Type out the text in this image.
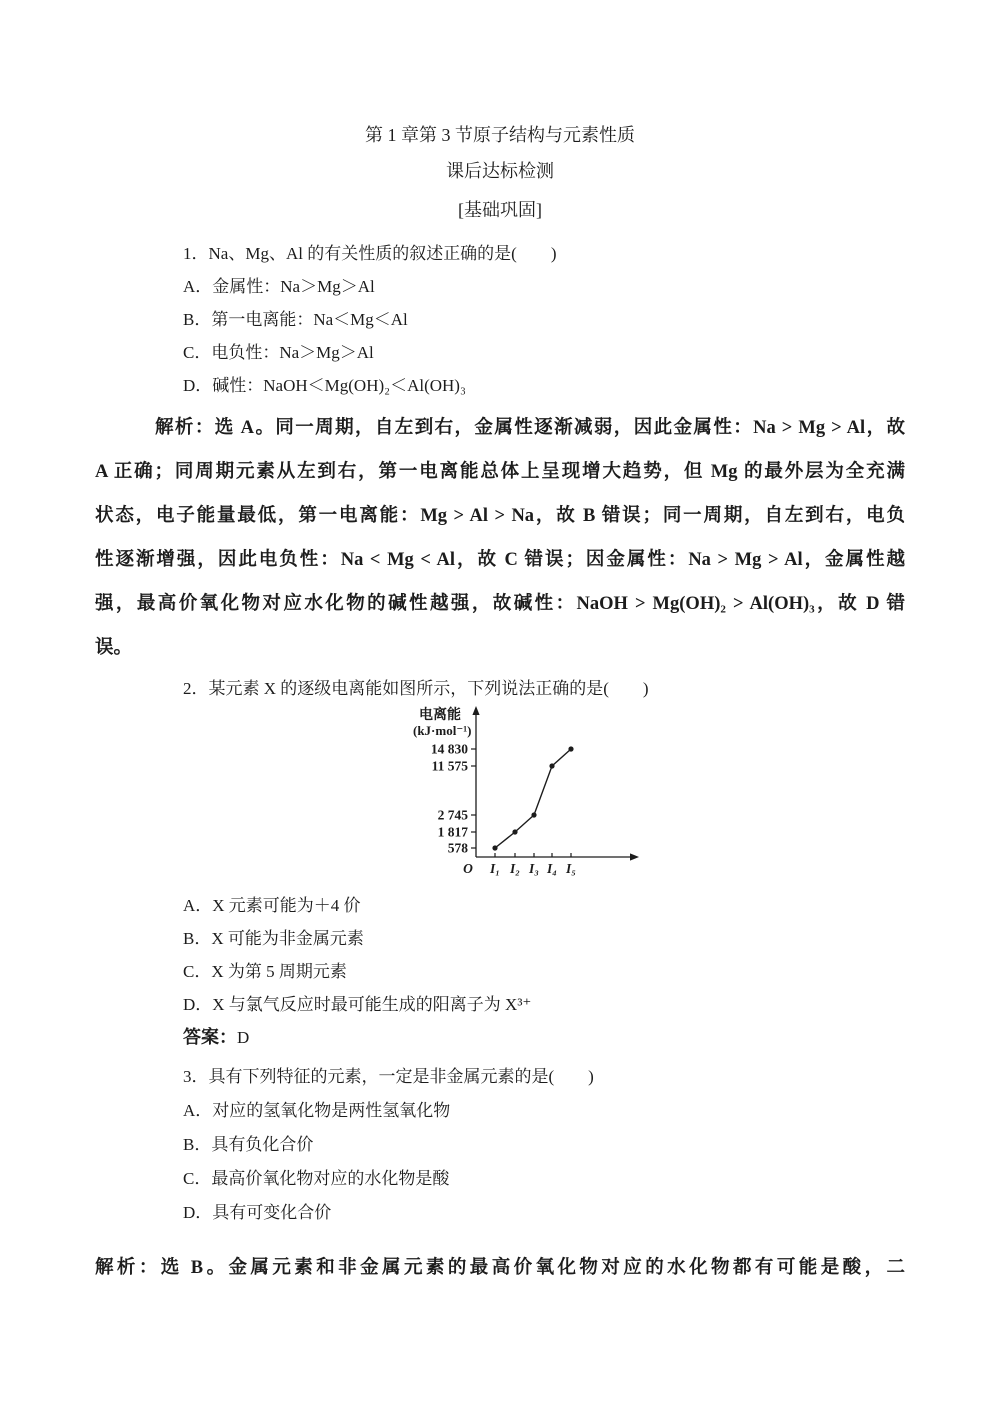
第 1 章第 3 节原子结构与元素性质
课后达标检测
[基础巩固]
1．Na、Mg、Al 的有关性质的叙述正确的是(　　)
A．金属性：Na＞Mg＞Al
B．第一电离能：Na＜Mg＜Al
C．电负性：Na＞Mg＞Al
D．碱性：NaOH＜Mg(OH)₂＜Al(OH)₃
解析：选 A。同一周期，自左到右，金属性逐渐减弱，因此金属性：Na > Mg > Al，故
A 正确；同周期元素从左到右，第一电离能总体上呈现增大趋势，但 Mg 的最外层为全充满
状态，电子能量最低，第一电离能：Mg > Al > Na，故 B 错误；同一周期，自左到右，电负
性逐渐增强，因此电负性：Na < Mg < Al，故 C 错误；因金属性：Na > Mg > Al，金属性越
强，最高价氧化物对应水化物的碱性越强，故碱性：NaOH > Mg(OH)₂ > Al(OH)₃，故 D 错
误。
2．某元素 X 的逐级电离能如图所示，下列说法正确的是(　　)
578
1 817
2 745
11 575
14 830
I₁ I₂ I₃ I₄ I₅
O
电离能
(kJ·mol⁻¹)
A．X 元素可能为＋4 价
B．X 可能为非金属元素
C．X 为第 5 周期元素
D．X 与氯气反应时最可能生成的阳离子为 X³⁺
答案：D
3．具有下列特征的元素，一定是非金属元素的是(　　)
A．对应的氢氧化物是两性氢氧化物
B．具有负化合价
C．最高价氧化物对应的水化物是酸
D．具有可变化合价
解析：选 B。金属元素和非金属元素的最高价氧化物对应的水化物都有可能是酸，二
